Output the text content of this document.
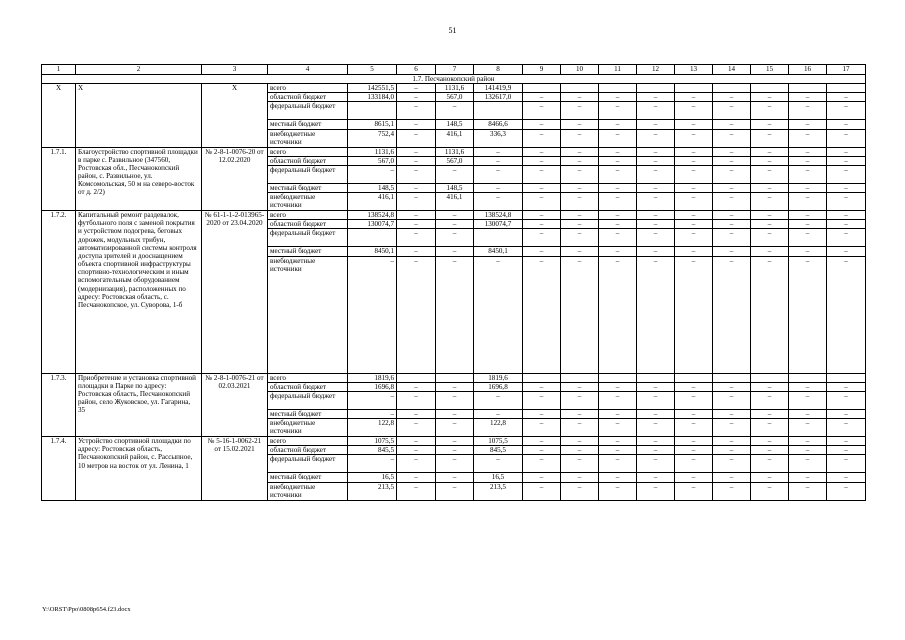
51
1	2	3	4	5	6	7	8	9	10	11	12	13	14	15	16	17
1.7. Песчанокопский район																
X	X	X	всего	142551,5	–	1131,6	141419,9									
			областной бюджет	133184,0	–	567,0	132617,0	–	–	–	–	–	–	–	–	–
			федеральный бюджет		–	–		–	–	–	–	–	–	–	–	–
			местный бюджет	8615,1	–	148,5	8466,6	–	–	–	–	–	–	–	–	–
			внебюджетные источники	752,4	–	416,1	336,3	–	–	–	–	–	–	–	–	–
1.7.1.	Благоустройство спортивной площадки в парке с. Развильное (347560, Ростовская обл., Песчанокопский район, с. Развильное, ул. Комсомольская, 50 м на северо-восток от д. 2/2)	№ 2-8-1-0076-20 от 12.02.2020	всего	1131,6	–	1131,6	–	–	–	–	–	–	–	–	–	–
			областной бюджет	567,0	–	567,0	–	–	–	–	–	–	–	–	–	–
			федеральный бюджет	–	–	–	–	–	–	–	–	–	–	–	–	–
			местный бюджет	148,5	–	148,5	–	–	–	–	–	–	–	–	–	–
			внебюджетные источники	416,1	–	416,1	–	–	–	–	–	–	–	–	–	–
1.7.2.	Капитальный ремонт раздевалок, футбольного поля с заменой покрытия и устройством подогрева, беговых дорожек, модульных трибун, автоматизированной системы контроля доступа зрителей и дооснащением объекта спортивной инфраструктуры спортивно-технологическим и иным вспомогательным оборудованием (модернизация), расположенных по адресу: Ростовская область, с. Песчанокопское, ул. Суворова, 1-б	№ 61-1-1-2-013965-2020 от 23.04.2020	всего	138524,8	–	–	138524,8	–	–	–	–	–	–	–	–	–
			областной бюджет	130074,7	–	–	130074,7	–	–	–	–	–	–	–	–	–
			федеральный бюджет		–	–		–	–	–	–	–	–	–	–	–
			местный бюджет	8450,1	–	–	8450,1	–	–	–	–	–	–	–	–	–
			внебюджетные источники	–	–	–	–	–	–	–	–	–	–	–	–	–
1.7.3.	Приобретение и установка спортивной площадки в Парке по адресу: Ростовская область, Песчанокопский район, село Жуковское, ул. Гагарина, 35	№ 2-8-1-0076-21 от 02.03.2021	всего	1819,6			1819,6									
			областной бюджет	1696,8	–	–	1696,8	–	–	–	–	–	–	–	–	–
			федеральный бюджет	–	–	–	–	–	–	–	–	–	–	–	–	–
			местный бюджет	–	–	–	–	–	–	–	–	–	–	–	–	–
			внебюджетные источники	122,8	–	–	122,8	–	–	–	–	–	–	–	–	–
1.7.4.	Устройство спортивной площадки по адресу: Ростовская область, Песчанокопский район, с. Рассыпное, 10 метров на восток от ул. Ленина, 1	№ 5-16-1-0062-21 от 15.02.2021	всего	1075,5	–	–	1075,5	–	–	–	–	–	–	–	–	–
			областной бюджет	845,5	–	–	845,5	–	–	–	–	–	–	–	–	–
			федеральный бюджет	–	–	–	–	–	–	–	–	–	–	–	–	–
			местный бюджет	16,5	–	–	16,5	–	–	–	–	–	–	–	–	–
			внебюджетные источники	213,5	–	–	213,5	–	–	–	–	–	–	–	–	–
Y:\ORST\Ppo\0808p654.f23.docx
